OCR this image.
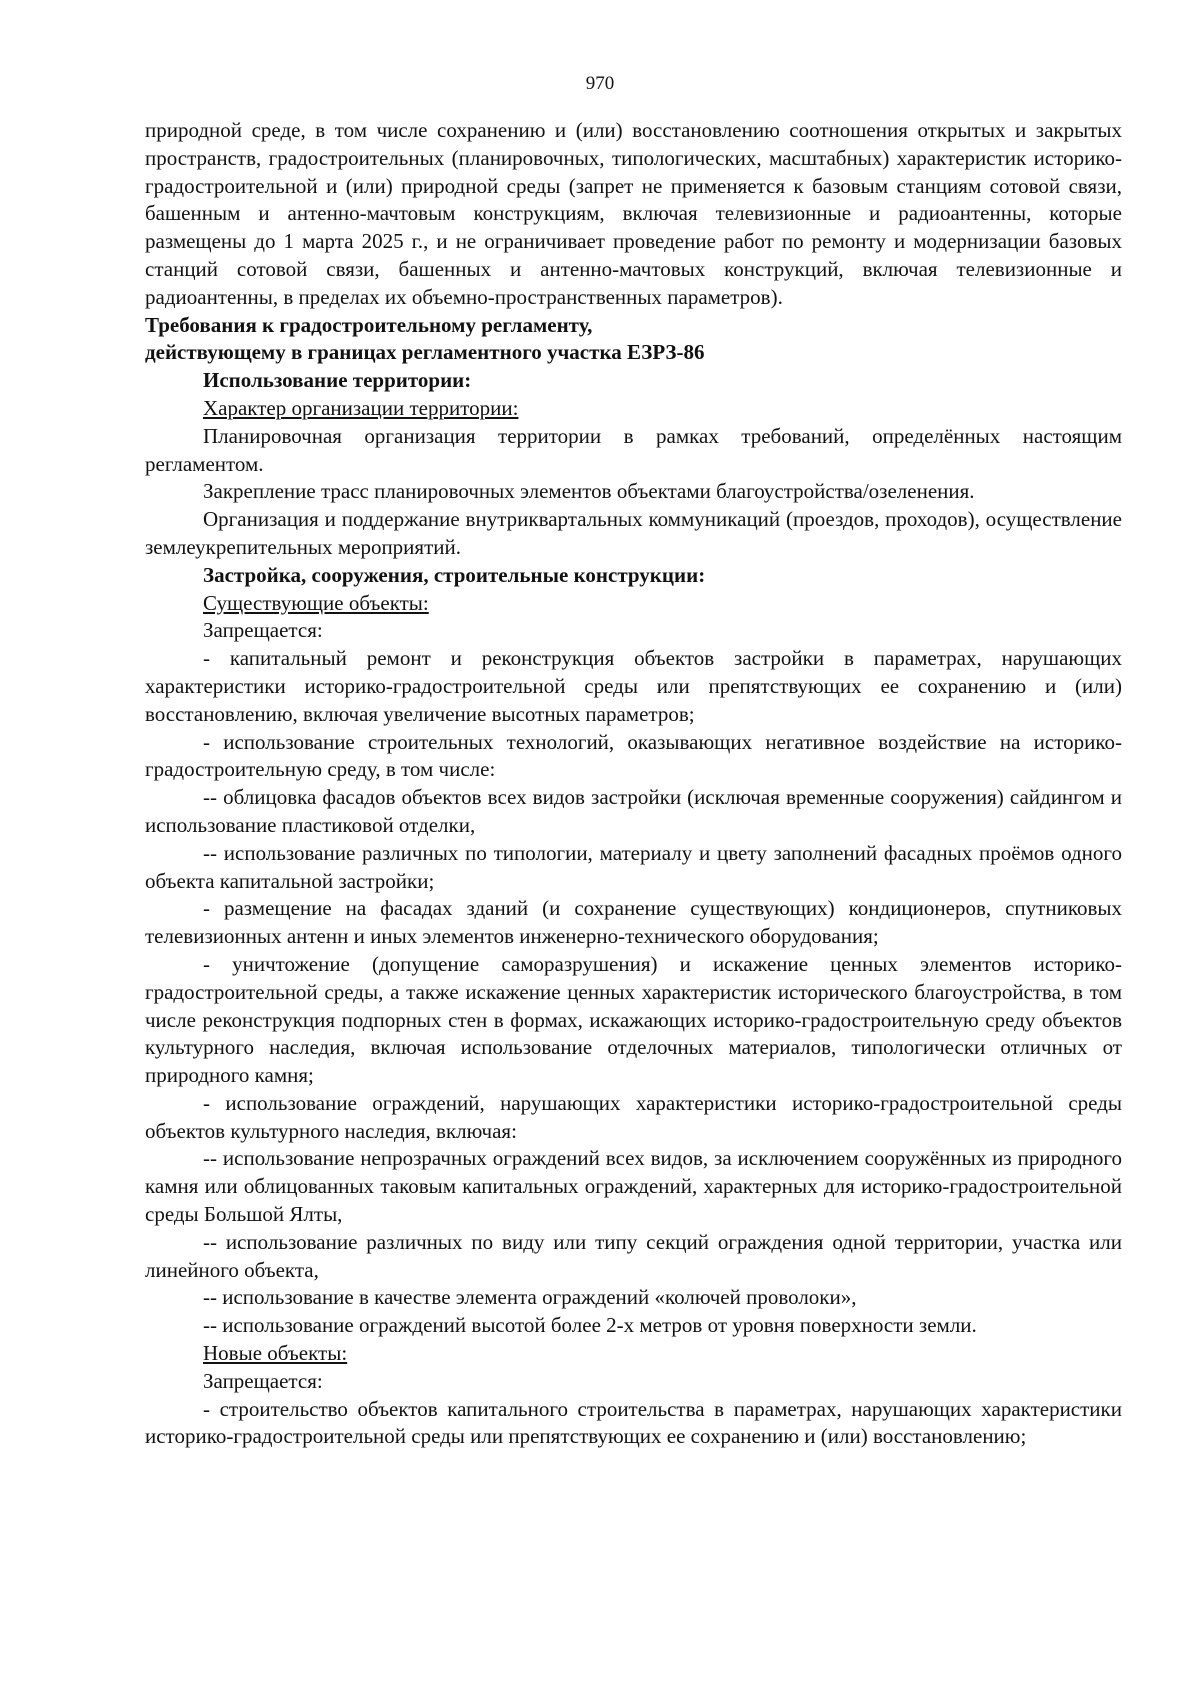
970

природной среде, в том числе сохранению и (или) восстановлению соотношения открытых и закрытых пространств, градостроительных (планировочных, типологических, масштабных) характеристик историко-градостроительной и (или) природной среды (запрет не применяется к базовым станциям сотовой связи, башенным и антенно-мачтовым конструкциям, включая телевизионные и радиоантенны, которые размещены до 1 марта 2025 г., и не ограничивает проведение работ по ремонту и модернизации базовых станций сотовой связи, башенных и антенно-мачтовых конструкций, включая телевизионные и радиоантенны, в пределах их объемно-пространственных параметров).

Требования к градостроительному регламенту,

действующему в границах регламентного участка ЕЗРЗ-86

Использование территории:

Характер организации территории:

Планировочная организация территории в рамках требований, определённых настоящим регламентом.

Закрепление трасс планировочных элементов объектами благоустройства/озеленения.

Организация и поддержание внутриквартальных коммуникаций (проездов, проходов), осуществление землеукрепительных мероприятий.

Застройка, сооружения, строительные конструкции:

Существующие объекты:

Запрещается:

- капитальный ремонт и реконструкция объектов застройки в параметрах, нарушающих характеристики историко-градостроительной среды или препятствующих ее сохранению и (или) восстановлению, включая увеличение высотных параметров;

- использование строительных технологий, оказывающих негативное воздействие на историко-градостроительную среду, в том числе:

-- облицовка фасадов объектов всех видов застройки (исключая временные сооружения) сайдингом и использование пластиковой отделки,

-- использование различных по типологии, материалу и цвету заполнений фасадных проёмов одного объекта капитальной застройки;

- размещение на фасадах зданий (и сохранение существующих) кондиционеров, спутниковых телевизионных антенн и иных элементов инженерно-технического оборудования;

- уничтожение (допущение саморазрушения) и искажение ценных элементов историко-градостроительной среды, а также искажение ценных характеристик исторического благоустройства, в том числе реконструкция подпорных стен в формах, искажающих историко-градостроительную среду объектов культурного наследия, включая использование отделочных материалов, типологически отличных от природного камня;

- использование ограждений, нарушающих характеристики историко-градостроительной среды объектов культурного наследия, включая:

-- использование непрозрачных ограждений всех видов, за исключением сооружённых из природного камня или облицованных таковым капитальных ограждений, характерных для историко-градостроительной среды Большой Ялты,

-- использование различных по виду или типу секций ограждения одной территории, участка или линейного объекта,

-- использование в качестве элемента ограждений «колючей проволоки»,

-- использование ограждений высотой более 2-х метров от уровня поверхности земли.

Новые объекты:

Запрещается:

- строительство объектов капитального строительства в параметрах, нарушающих характеристики историко-градостроительной среды или препятствующих ее сохранению и (или) восстановлению;
